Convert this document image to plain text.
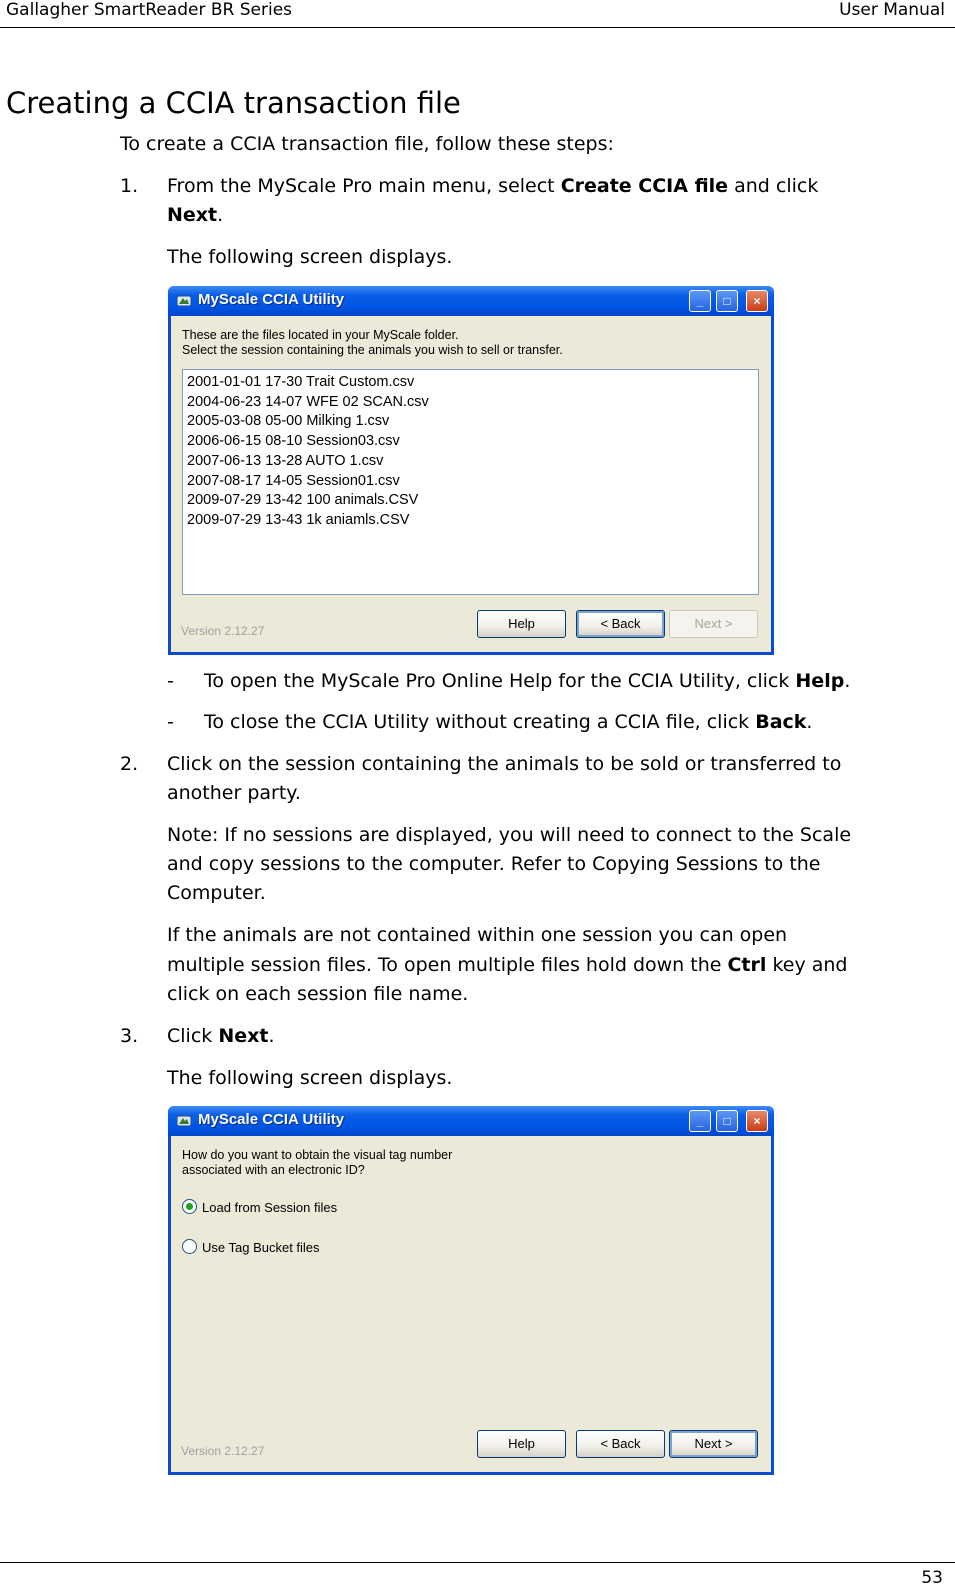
Gallagher SmartReader BR Series	User Manual
Creating a CCIA transaction file
To create a CCIA transaction file, follow these steps:
1. From the MyScale Pro main menu, select Create CCIA file and click
Next.
The following screen displays.
MyScale CCIA Utility	_	□	×
These are the files located in your MyScale folder.
Select the session containing the animals you wish to sell or transfer.
2001-01-01 17-30 Trait Custom.csv
2004-06-23 14-07 WFE 02 SCAN.csv
2005-03-08 05-00 Milking 1.csv
2006-06-15 08-10 Session03.csv
2007-06-13 13-28 AUTO 1.csv
2007-08-17 14-05 Session01.csv
2009-07-29 13-42 100 animals.CSV
2009-07-29 13-43 1k aniamls.CSV
Version 2.12.27	Help	< Back	Next >
- To open the MyScale Pro Online Help for the CCIA Utility, click Help.
- To close the CCIA Utility without creating a CCIA file, click Back.
2. Click on the session containing the animals to be sold or transferred to
another party.
Note: If no sessions are displayed, you will need to connect to the Scale
and copy sessions to the computer. Refer to Copying Sessions to the
Computer.
If the animals are not contained within one session you can open
multiple session files. To open multiple files hold down the Ctrl key and
click on each session file name.
3. Click Next.
The following screen displays.
MyScale CCIA Utility	_	□	×
How do you want to obtain the visual tag number
associated with an electronic ID?
Load from Session files
Use Tag Bucket files
Version 2.12.27	Help	< Back	Next >
53
